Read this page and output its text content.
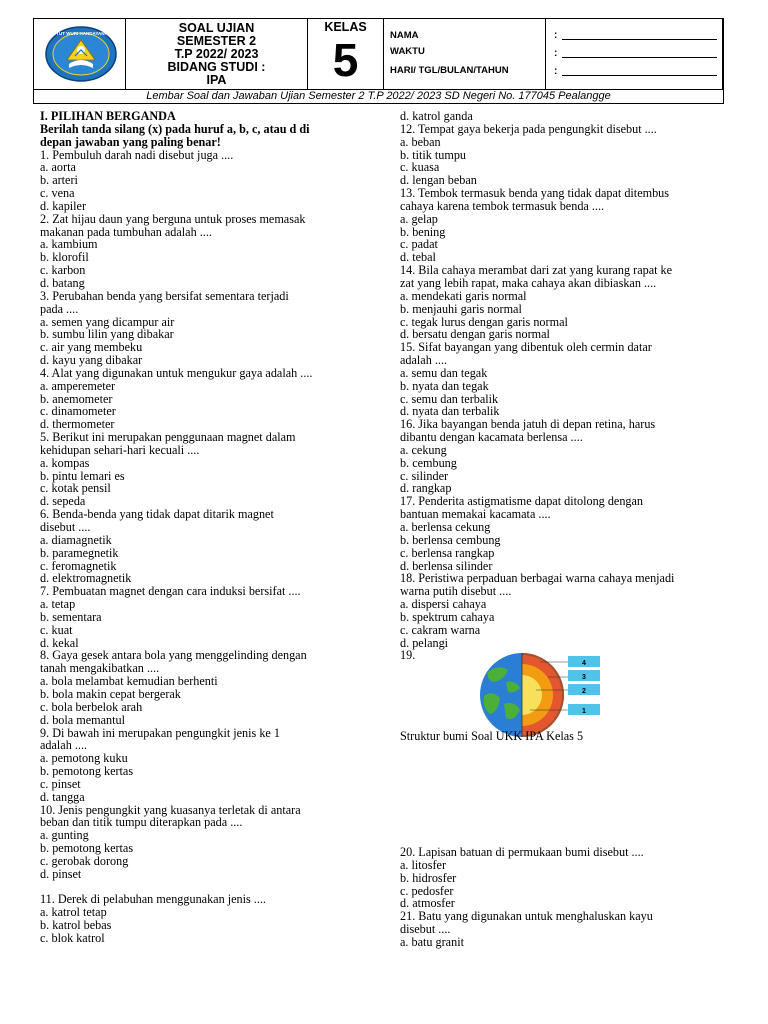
TUT WURI HANDAYANI	SOAL UJIAN
SEMESTER 2
T.P 2022/ 2023
BIDANG STUDI :
IPA
KELAS
5	NAMA
WAKTU
HARI/ TGL/BULAN/TAHUN
:
:
:
Lembar Soal dan Jawaban Ujian Semester 2 T.P 2022/ 2023 SD Negeri No. 177045 Pealangge
I. PILIHAN BERGANDA
Berilah tanda silang (x) pada huruf a, b, c, atau d di
depan jawaban yang paling benar!
1. Pembuluh darah nadi disebut juga ....
a. aorta
b. arteri
c. vena
d. kapiler
2. Zat hijau daun yang berguna untuk proses memasak
makanan pada tumbuhan adalah ....
a. kambium
b. klorofil
c. karbon
d. batang
3. Perubahan benda yang bersifat sementara terjadi
pada ....
a. semen yang dicampur air
b. sumbu lilin yang dibakar
c. air yang membeku
d. kayu yang dibakar
4. Alat yang digunakan untuk mengukur gaya adalah ....
a. amperemeter
b. anemometer
c. dinamometer
d. thermometer
5. Berikut ini merupakan penggunaan magnet dalam
kehidupan sehari-hari kecuali ....
a. kompas
b. pintu lemari es
c. kotak pensil
d. sepeda
6. Benda-benda yang tidak dapat ditarik magnet
disebut ....
a. diamagnetik
b. paramegnetik
c. feromagnetik
d. elektromagnetik
7. Pembuatan magnet dengan cara induksi bersifat ....
a. tetap
b. sementara
c. kuat
d. kekal
8. Gaya gesek antara bola yang menggelinding dengan
tanah mengakibatkan ....
a. bola melambat kemudian berhenti
b. bola makin cepat bergerak
c. bola berbelok arah
d. bola memantul
9. Di bawah ini merupakan pengungkit jenis ke 1
adalah ....
a. pemotong kuku
b. pemotong kertas
c. pinset
d. tangga
10. Jenis pengungkit yang kuasanya terletak di antara
beban dan titik tumpu diterapkan pada ....
a. gunting
b. pemotong kertas
c. gerobak dorong
d. pinset
11. Derek di pelabuhan menggunakan jenis ....
a. katrol tetap
b. katrol bebas
c. blok katrol
d. katrol ganda
12. Tempat gaya bekerja pada pengungkit disebut ....
a. beban
b. titik tumpu
c. kuasa
d. lengan beban
13. Tembok termasuk benda yang tidak dapat ditembus
cahaya karena tembok termasuk benda ....
a. gelap
b. bening
c. padat
d. tebal
14. Bila cahaya merambat dari zat yang kurang rapat ke
zat yang lebih rapat, maka cahaya akan dibiaskan ....
a. mendekati garis normal
b. menjauhi garis normal
c. tegak lurus dengan garis normal
d. bersatu dengan garis normal
15. Sifat bayangan yang dibentuk oleh cermin datar
adalah ....
a. semu dan tegak
b. nyata dan tegak
c. semu dan terbalik
d. nyata dan terbalik
16. Jika bayangan benda jatuh di depan retina, harus
dibantu dengan kacamata berlensa ....
a. cekung
b. cembung
c. silinder
d. rangkap
17. Penderita astigmatisme dapat ditolong dengan
bantuan memakai kacamata ....
a. berlensa cekung
b. berlensa cembung
c. berlensa rangkap
d. berlensa silinder
18. Peristiwa perpaduan berbagai warna cahaya menjadi
warna putih disebut ....
a. dispersi cahaya
b. spektrum cahaya
c. cakram warna
d. pelangi
19.
4
3
2
1
Struktur bumi Soal UKK IPA Kelas 5
20. Lapisan batuan di permukaan bumi disebut ....
a. litosfer
b. hidrosfer
c. pedosfer
d. atmosfer
21. Batu yang digunakan untuk menghaluskan kayu
disebut ....
a. batu granit
